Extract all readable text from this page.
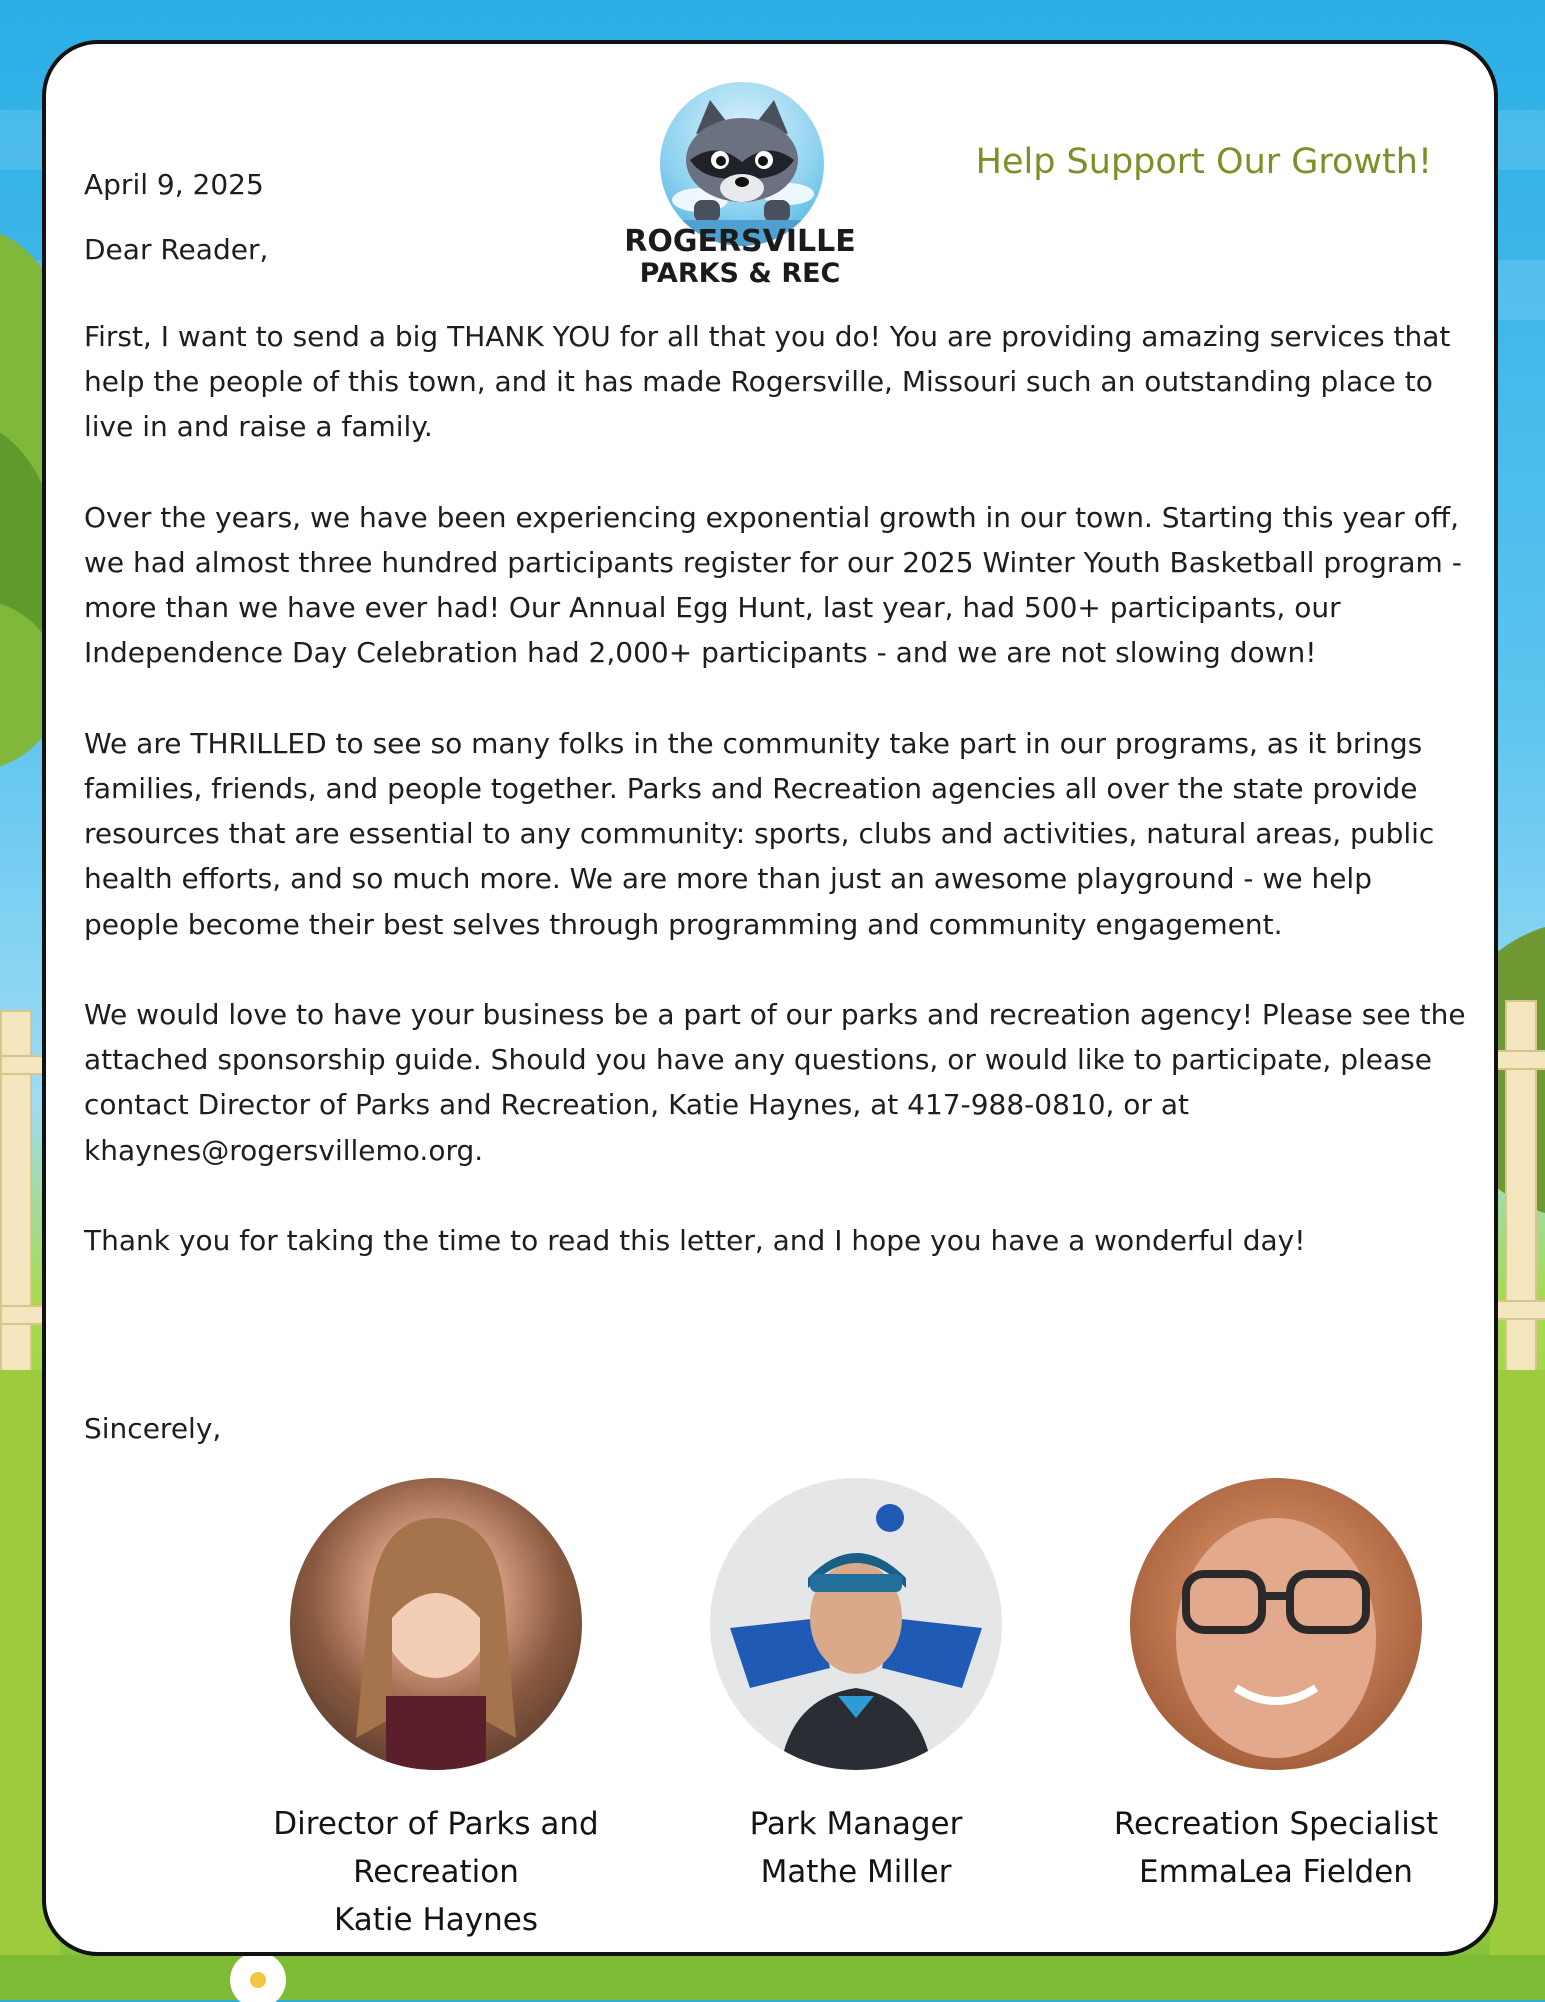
April 9, 2025
Dear Reader,
Help Support Our Growth!
ROGERSVILLE
PARKS & REC

First, I want to send a big THANK YOU for all that you do! You are providing amazing services that help the people of this town, and it has made Rogersville, Missouri such an outstanding place to live in and raise a family.

Over the years, we have been experiencing exponential growth in our town. Starting this year off, we had almost three hundred participants register for our 2025 Winter Youth Basketball program - more than we have ever had! Our Annual Egg Hunt, last year, had 500+ participants, our Independence Day Celebration had 2,000+ participants - and we are not slowing down!

We are THRILLED to see so many folks in the community take part in our programs, as it brings families, friends, and people together. Parks and Recreation agencies all over the state provide resources that are essential to any community: sports, clubs and activities, natural areas, public health efforts, and so much more. We are more than just an awesome playground - we help people become their best selves through programming and community engagement.

We would love to have your business be a part of our parks and recreation agency! Please see the attached sponsorship guide. Should you have any questions, or would like to participate, please contact Director of Parks and Recreation, Katie Haynes, at 417-988-0810, or at khaynes@rogersvillemo.org.

Thank you for taking the time to read this letter, and I hope you have a wonderful day!

Sincerely,
Director of Parks and Recreation
Katie Haynes
Park Manager
Mathe Miller
Recreation Specialist
EmmaLea Fielden
